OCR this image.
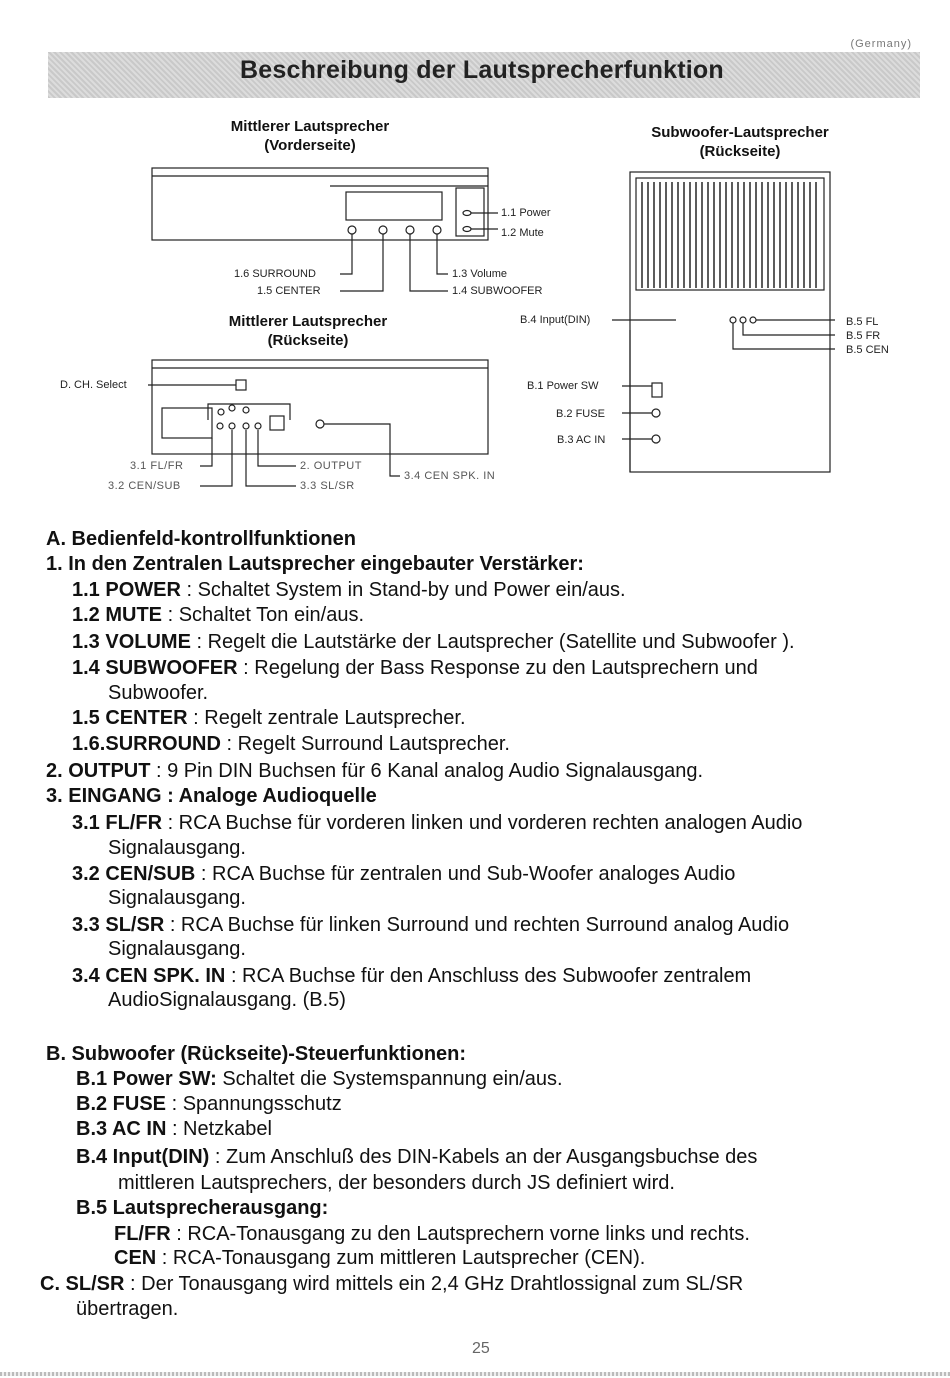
(Germany)
Beschreibung der Lautsprecherfunktion
Mittlerer Lautsprecher
(Vorderseite)
Mittlerer Lautsprecher
(Rückseite)
Subwoofer-Lautsprecher
(Rückseite)
1.1 Power
1.2 Mute
1.6 SURROUND
1.5 CENTER
1.3 Volume
1.4 SUBWOOFER
D. CH. Select
3.1 FL/FR
3.2 CEN/SUB
2. OUTPUT
3.3 SL/SR
3.4 CEN SPK. IN
B.4 Input(DIN)	B.5 FL
B.5 FR
B.5 CEN
B.1 Power SW
B.2 FUSE
B.3 AC IN
A. Bedienfeld-kontrollfunktionen
1. In den Zentralen Lautsprecher eingebauter Verstärker:
1.1 POWER : Schaltet System in Stand-by und Power ein/aus.
1.2 MUTE : Schaltet Ton ein/aus.
1.3 VOLUME : Regelt die Lautstärke der Lautsprecher (Satellite und Subwoofer ).
1.4 SUBWOOFER : Regelung der Bass Response zu den Lautsprechern und
Subwoofer.
1.5 CENTER : Regelt zentrale Lautsprecher.
1.6.SURROUND : Regelt Surround Lautsprecher.
2. OUTPUT : 9 Pin DIN Buchsen für 6 Kanal analog Audio Signalausgang.
3. EINGANG : Analoge Audioquelle
3.1 FL/FR : RCA Buchse für vorderen linken und vorderen rechten analogen Audio
Signalausgang.
3.2 CEN/SUB : RCA Buchse für zentralen und Sub-Woofer analoges Audio
Signalausgang.
3.3 SL/SR : RCA Buchse für linken Surround und rechten Surround analog Audio
Signalausgang.
3.4 CEN SPK. IN : RCA Buchse für den Anschluss des Subwoofer zentralem
AudioSignalausgang. (B.5)
B. Subwoofer (Rückseite)-Steuerfunktionen:
B.1 Power SW: Schaltet die Systemspannung ein/aus.
B.2 FUSE : Spannungsschutz
B.3 AC IN : Netzkabel
B.4 Input(DIN) : Zum Anschluß des DIN-Kabels an der Ausgangsbuchse des
mittleren Lautsprechers, der besonders durch JS definiert wird.
B.5 Lautsprecherausgang:
FL/FR : RCA-Tonausgang zu den Lautsprechern vorne links und rechts.
CEN : RCA-Tonausgang zum mittleren Lautsprecher (CEN).
C. SL/SR : Der Tonausgang wird mittels ein 2,4 GHz Drahtlossignal zum SL/SR
übertragen.
25
